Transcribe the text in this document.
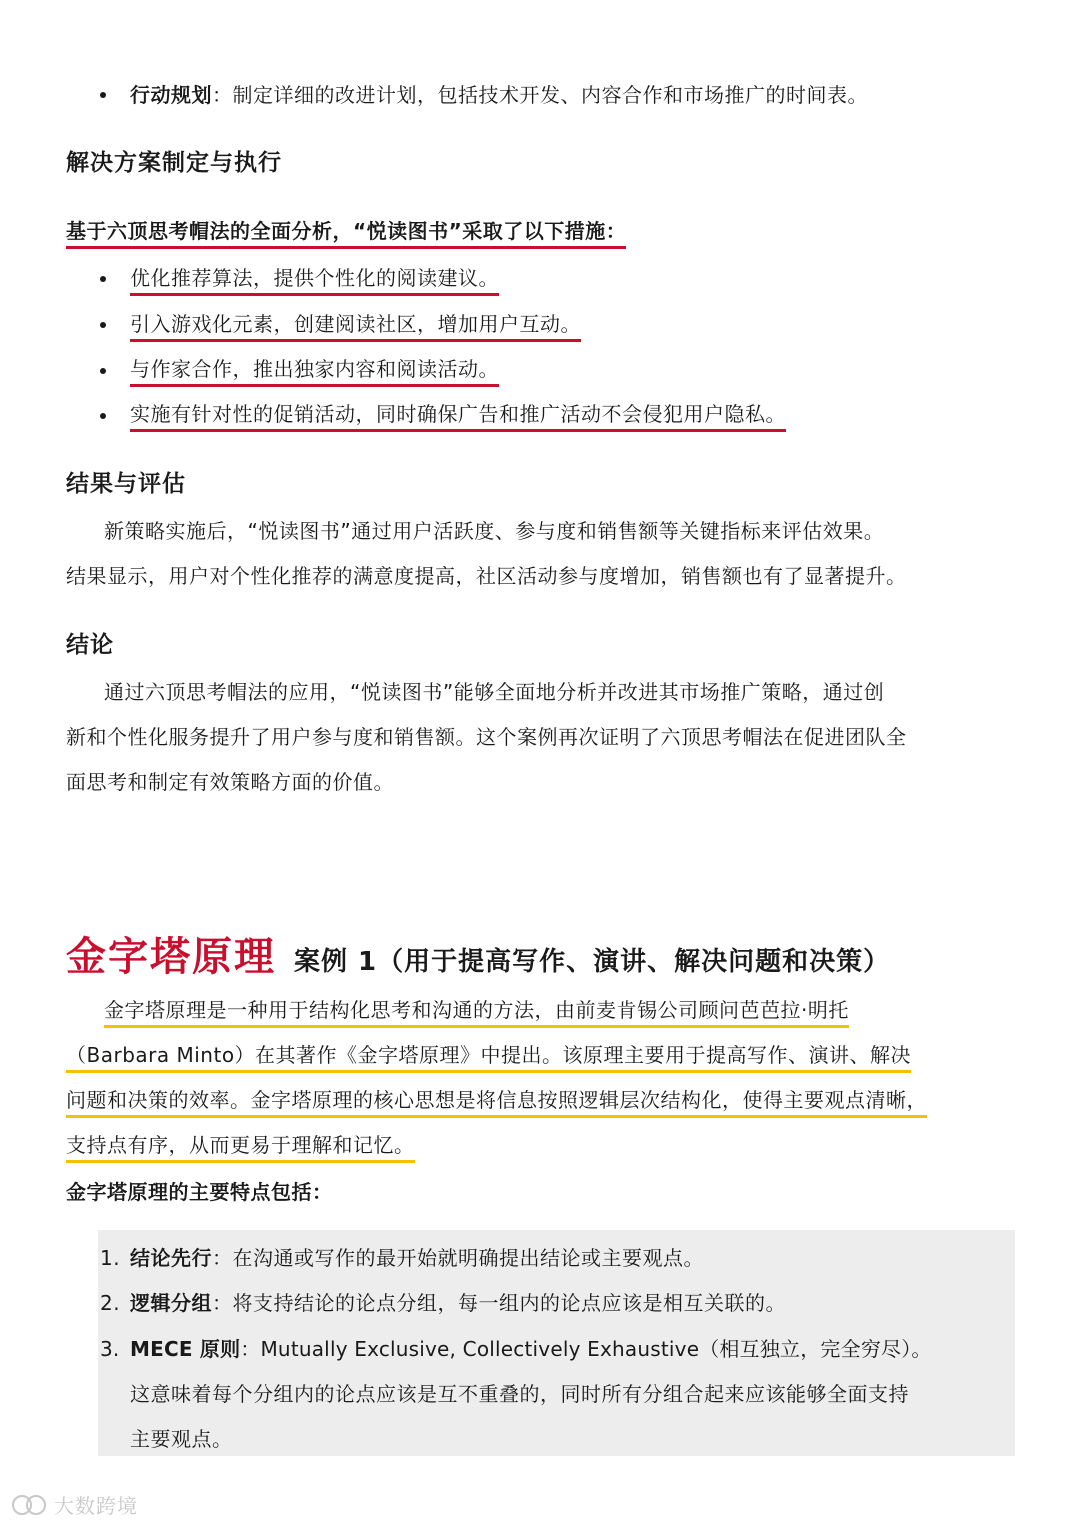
行动规划：制定详细的改进计划，包括技术开发、内容合作和市场推广的时间表。
解决方案制定与执行
基于六顶思考帽法的全面分析，“悦读图书”采取了以下措施：
优化推荐算法，提供个性化的阅读建议。
引入游戏化元素，创建阅读社区，增加用户互动。
与作家合作，推出独家内容和阅读活动。
实施有针对性的促销活动，同时确保广告和推广活动不会侵犯用户隐私。
结果与评估
新策略实施后，“悦读图书”通过用户活跃度、参与度和销售额等关键指标来评估效果。
结果显示，用户对个性化推荐的满意度提高，社区活动参与度增加，销售额也有了显著提升。
结论
通过六顶思考帽法的应用，“悦读图书”能够全面地分析并改进其市场推广策略，通过创
新和个性化服务提升了用户参与度和销售额。这个案例再次证明了六顶思考帽法在促进团队全
面思考和制定有效策略方面的价值。
金字塔原理 案例 1（用于提高写作、演讲、解决问题和决策）
金字塔原理是一种用于结构化思考和沟通的方法，由前麦肯锡公司顾问芭芭拉·明托
（Barbara Minto）在其著作《金字塔原理》中提出。该原理主要用于提高写作、演讲、解决
问题和决策的效率。金字塔原理的核心思想是将信息按照逻辑层次结构化，使得主要观点清晰，
支持点有序，从而更易于理解和记忆。
金字塔原理的主要特点包括：
1. 结论先行：在沟通或写作的最开始就明确提出结论或主要观点。
2. 逻辑分组：将支持结论的论点分组，每一组内的论点应该是相互关联的。
3. MECE 原则：Mutually Exclusive, Collectively Exhaustive（相互独立，完全穷尽）。
这意味着每个分组内的论点应该是互不重叠的，同时所有分组合起来应该能够全面支持
主要观点。
大数跨境
